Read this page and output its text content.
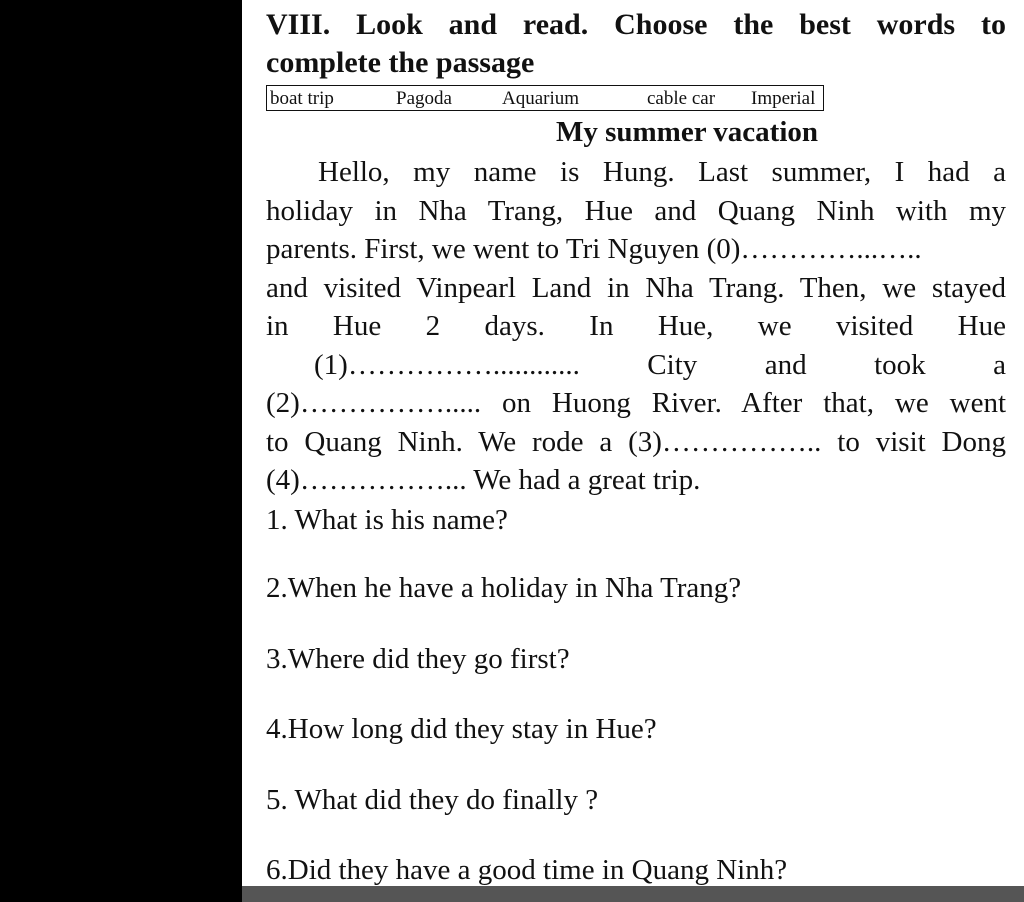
VIII. Look and read. Choose the best words to
complete the passage
boat trip	Pagoda	Aquarium	cable car Imperial
My summer vacation
Hello, my name is Hung. Last summer, I had a
holiday in Nha Trang, Hue and Quang Ninh with my
parents. First, we went to Tri Nguyen (0)…………...…..
and visited Vinpearl Land in Nha Trang. Then, we stayed
in Hue 2 days. In Hue, we visited Hue
(1)……………............ City and took a
(2)……………..... on Huong River. After that, we went
to Quang Ninh. We rode a (3)…………….. to visit Dong
(4)……………... We had a great trip.
1. What is his name?
2.When he have a holiday in Nha Trang?
3.Where did they go first?
4.How long did they stay in Hue?
5. What did they do finally ?
6.Did they have a good time in Quang Ninh?
